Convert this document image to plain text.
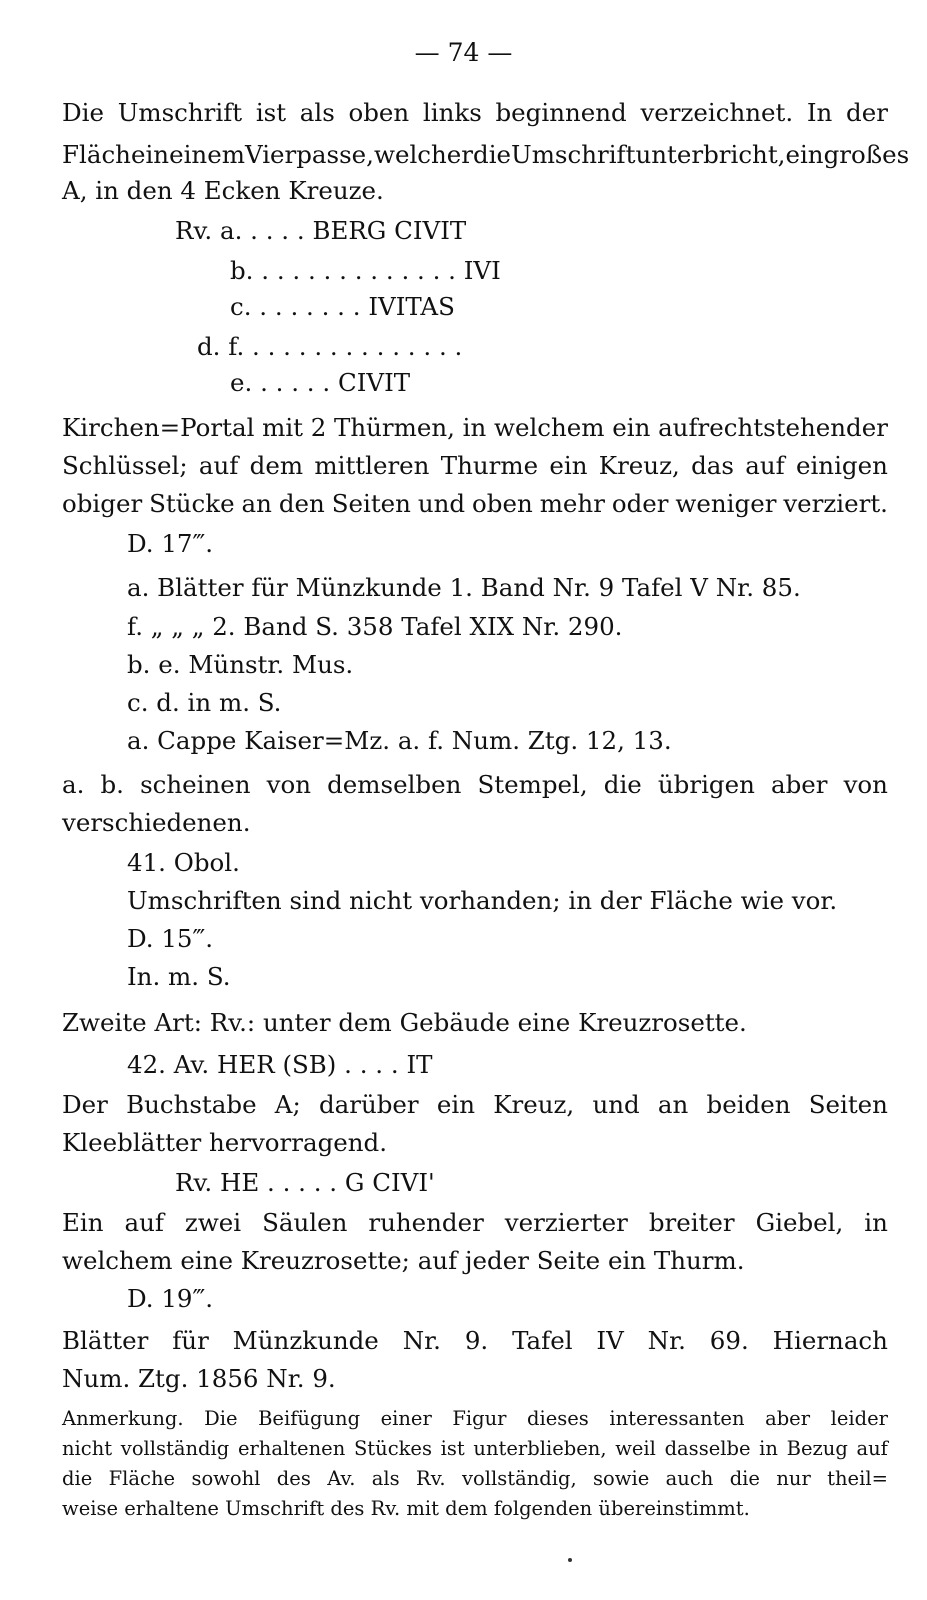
— 74 —
Die Umschrift ist als oben links beginnend verzeichnet. In der
Fläche in einem Vierpasse, welcher die Umschrift unterbricht, ein großes
A, in den 4 Ecken Kreuze.
Rv. a. . . . . BERG CIVIT
b. . . . . . . . . . . . . . IVI
c. . . . . . . . IVITAS
d. f. . . . . . . . . . . . . . .
e. . . . . . CIVIT
Kirchen=Portal mit 2 Thürmen, in welchem ein aufrechtstehender
Schlüssel; auf dem mittleren Thurme ein Kreuz, das auf einigen
obiger Stücke an den Seiten und oben mehr oder weniger verziert.
D. 17‴.
a. Blätter für Münzkunde 1. Band Nr. 9 Tafel V Nr. 85.
f. „ „ „ 2. Band S. 358 Tafel XIX Nr. 290.
b. e. Münstr. Mus.
c. d. in m. S.
a. Cappe Kaiser=Mz. a. f. Num. Ztg. 12, 13.
a. b. scheinen von demselben Stempel, die übrigen aber von
verschiedenen.
41. Obol.
Umschriften sind nicht vorhanden; in der Fläche wie vor.
D. 15‴.
In. m. S.
Zweite Art: Rv.: unter dem Gebäude eine Kreuzrosette.
42. Av. HER (SB) . . . . IT
Der Buchstabe A; darüber ein Kreuz, und an beiden Seiten
Kleeblätter hervorragend.
Rv. HE . . . . . G CIVI'
Ein auf zwei Säulen ruhender verzierter breiter Giebel, in
welchem eine Kreuzrosette; auf jeder Seite ein Thurm.
D. 19‴.
Blätter für Münzkunde Nr. 9. Tafel IV Nr. 69. Hiernach
Num. Ztg. 1856 Nr. 9.
Anmerkung. Die Beifügung einer Figur dieses interessanten aber leider
nicht vollständig erhaltenen Stückes ist unterblieben, weil dasselbe in Bezug auf
die Fläche sowohl des Av. als Rv. vollständig, sowie auch die nur theil=
weise erhaltene Umschrift des Rv. mit dem folgenden übereinstimmt.
